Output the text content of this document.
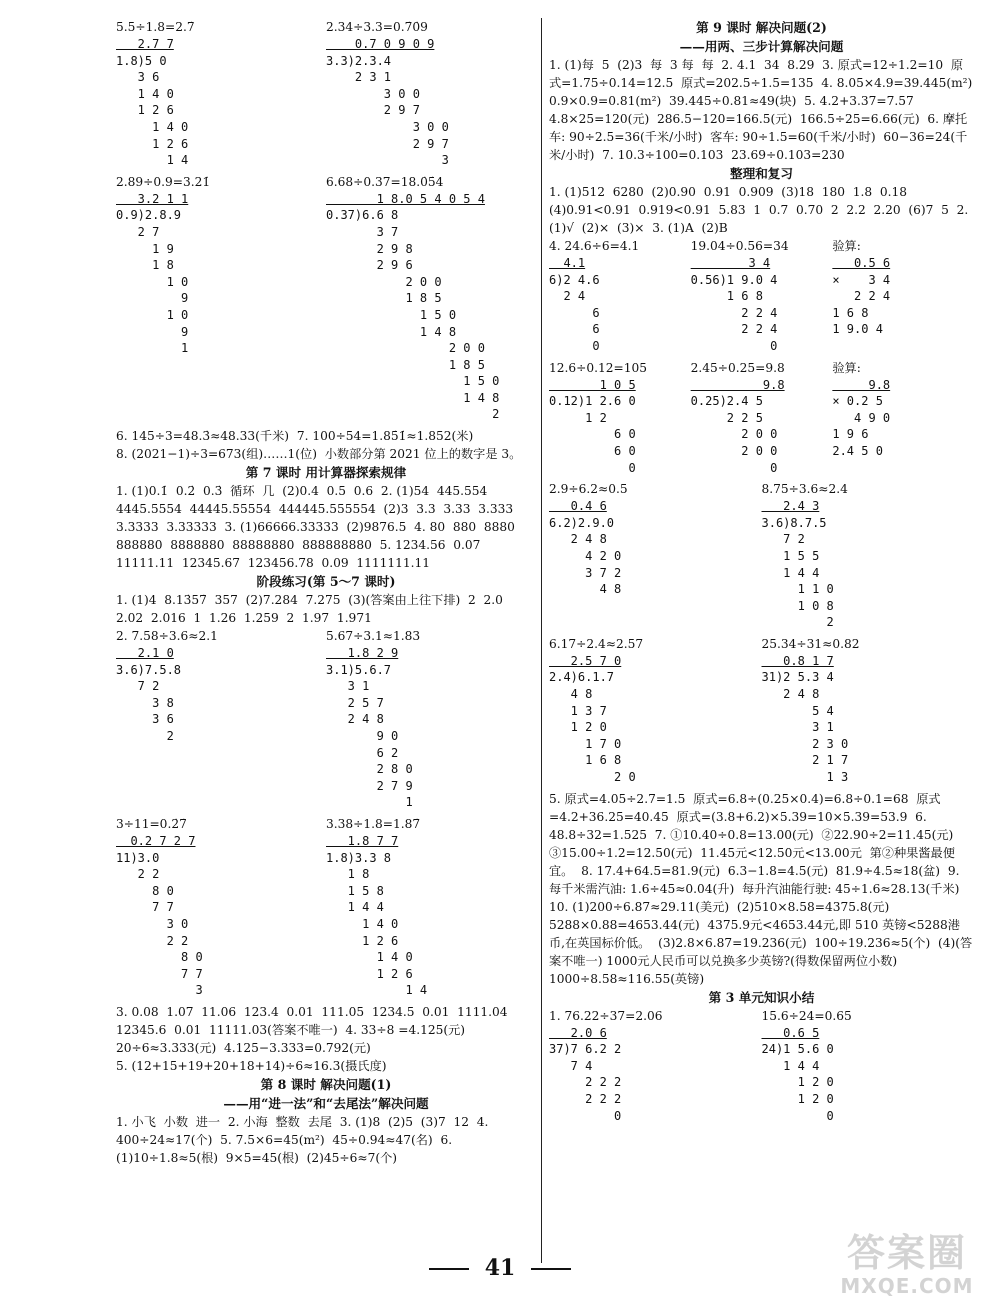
5.5÷1.8=2.7̇
2.7 7
1.8)5 0
3 6
1 4 0
1 2 6
1 4 0
1 2 6
1 4
2.34÷3.3=0.7̇0̇9
0.7 0 9 0 9
3.3)2.3.4
2 3 1
3 0 0
2 9 7
3 0 0
2 9 7
3
2.89÷0.9=3.21̇
3.2 1 1
0.9)2.8.9
2 7
1 9
1 8
1 0
9
1 0
9
1
6.68÷0.37=18.0̇5̇4
1 8.0 5 4 0 5 4
0.37)6.6 8
3 7
2 9 8
2 9 6
2 0 0
1 8 5
1 5 0
1 4 8
2 0 0
1 8 5
1 5 0
1 4 8
2
6. 145÷3=48.3̇≈48.33(千米)  7. 100÷54=1.85̇1̇≈1.852(米)
8. (2021−1)÷3=673(组)……1(位)  小数部分第 2021 位上的数字是 3。
第 7 课时 用计算器探索规律
1. (1)0.1̇  0.2̇  0.3̇  循环  几  (2)0.4  0.5  0.6  2. (1)54  445.554  4445.5554  44445.55554  444445.555554  (2)3  3.3  3.33  3.333  3.3333  3.33333  3. (1)66666.33333  (2)9876.5  4. 80  880  8880  888880  8888880  88888880  888888880  5. 1234.56  0.07  11111.11  12345.67  123456.78  0.09  1111111.11
阶段练习(第 5～7 课时)
1. (1)4  8.13̇57̇  357  (2)7.284  7.275  (3)(答案由上往下排)  2  2.0  2.02  2.016  1  1.26  1.259  2  1.97  1.971
2. 7.58÷3.6≈2.1
2.1 0
3.6)7.5.8
7 2
3 8
3 6
2
5.67÷3.1≈1.83
1.8 2 9
3.1)5.6.7
3 1
2 5 7
2 4 8
9 0
6 2
2 8 0
2 7 9
1
3÷11=0.2̇7̇
0.2 7 2 7
11)3.0
2 2
8 0
7 7
3 0
2 2
8 0
7 7
3
3.38÷1.8=1.87̇
1.8 7 7
1.8)3.3 8
1 8
1 5 8
1 4 4
1 4 0
1 2 6
1 4 0
1 2 6
1 4
3. 0.08  1.07  11.06  123.4  0.01  111.05  1234.5  0.01  1111.04  12345.6  0.01  11111.03(答案不唯一)  4. 33÷8 =4.125(元)  20÷6≈3.333(元)  4.125−3.333=0.792(元)
5. (12+15+19+20+18+14)÷6≈16.3(摄氏度)
第 8 课时 解决问题(1)
——用“进一法”和“去尾法”解决问题
1. 小飞  小数  进一  2. 小海  整数  去尾  3. (1)8  (2)5  (3)7  12  4. 400÷24≈17(个)  5. 7.5×6=45(m²)  45÷0.94≈47(名)  6. (1)10÷1.8≈5(根)  9×5=45(根)  (2)45÷6≈7(个)
第 9 课时 解决问题(2)
——用两、三步计算解决问题
1. (1)每  5  (2)3  每  3 每  每  2. 4.1  34  8.29  3. 原式=12÷1.2=10  原式=1.75÷0.14=12.5  原式=202.5÷1.5=135  4. 8.05×4.9=39.445(m²)  0.9×0.9=0.81(m²)  39.445÷0.81≈49(块)  5. 4.2+3.37=7.57  4.8×25=120(元)  286.5−120=166.5(元)  166.5÷25=6.66(元)  6. 摩托车: 90÷2.5=36(千米/小时)  客车: 90÷1.5=60(千米/小时)  60−36=24(千米/小时)  7. 10.3÷100=0.103  23.69÷0.103=230
整理和复习
1. (1)512  6280  (2)0.90  0.91  0.909  (3)18  180  1.8  0.18  (4)0.91<0.91  0.919<0.91  5.83  1  0.7  0.70  2  2.2  2.20  (6)7  5  2. (1)√  (2)×  (3)×  3. (1)A  (2)B
4. 24.6÷6=4.1
4.1
6)2 4.6
2 4
6
6
0
19.04÷0.56=34
3 4
0.56)1 9.0 4
1 6 8
2 2 4
2 2 4
0
验算:
0.5 6
×    3 4
2 2 4
1 6 8
1 9.0 4
12.6÷0.12=105
1 0 5
0.12)1 2.6 0
1 2
6 0
6 0
0
2.45÷0.25=9.8
9.8
0.25)2.4 5
2 2 5
2 0 0
2 0 0
0
验算:
9.8
× 0.2 5
4 9 0
1 9 6
2.4 5 0
2.9÷6.2≈0.5
0.4 6
6.2)2.9.0
2 4 8
4 2 0
3 7 2
4 8
8.75÷3.6≈2.4
2.4 3
3.6)8.7.5
7 2
1 5 5
1 4 4
1 1 0
1 0 8
2
6.17÷2.4≈2.57
2.5 7 0
2.4)6.1.7
4 8
1 3 7
1 2 0
1 7 0
1 6 8
2 0
25.34÷31≈0.82
0.8 1 7
31)2 5.3 4
2 4 8
5 4
3 1
2 3 0
2 1 7
1 3
5. 原式=4.05÷2.7=1.5  原式=6.8÷(0.25×0.4)=6.8÷0.1=68  原式=4.2+36.25=40.45  原式=(3.8+6.2)×5.39=10×5.39=53.9  6. 48.8÷32=1.525  7. ①10.40÷0.8=13.00(元)  ②22.90÷2=11.45(元)  ③15.00÷1.2=12.50(元)  11.45元<12.50元<13.00元  第②种果酱最便宜。  8. 17.4+64.5=81.9(元)  6.3−1.8=4.5(元)  81.9÷4.5≈18(盆)  9. 每千米需汽油: 1.6÷45≈0.04(升)  每升汽油能行驶: 45÷1.6≈28.13(千米)
10. (1)200÷6.87≈29.11(美元)  (2)510×8.58=4375.8(元)  5288×0.88=4653.44(元)  4375.9元<4653.44元,即 510 英镑<5288港币,在英国标价低。  (3)2.8×6.87=19.236(元)  100÷19.236≈5(个)  (4)(答案不唯一) 1000元人民币可以兑换多少英镑?(得数保留两位小数)  1000÷8.58≈116.55(英镑)
第 3 单元知识小结
1. 76.22÷37=2.06
2.0 6
37)7 6.2 2
7 4
2 2 2
2 2 2
0
15.6÷24=0.65
0.6 5
24)1 5.6 0
1 4 4
1 2 0
1 2 0
0
41	答案圈
MXQE.COM
